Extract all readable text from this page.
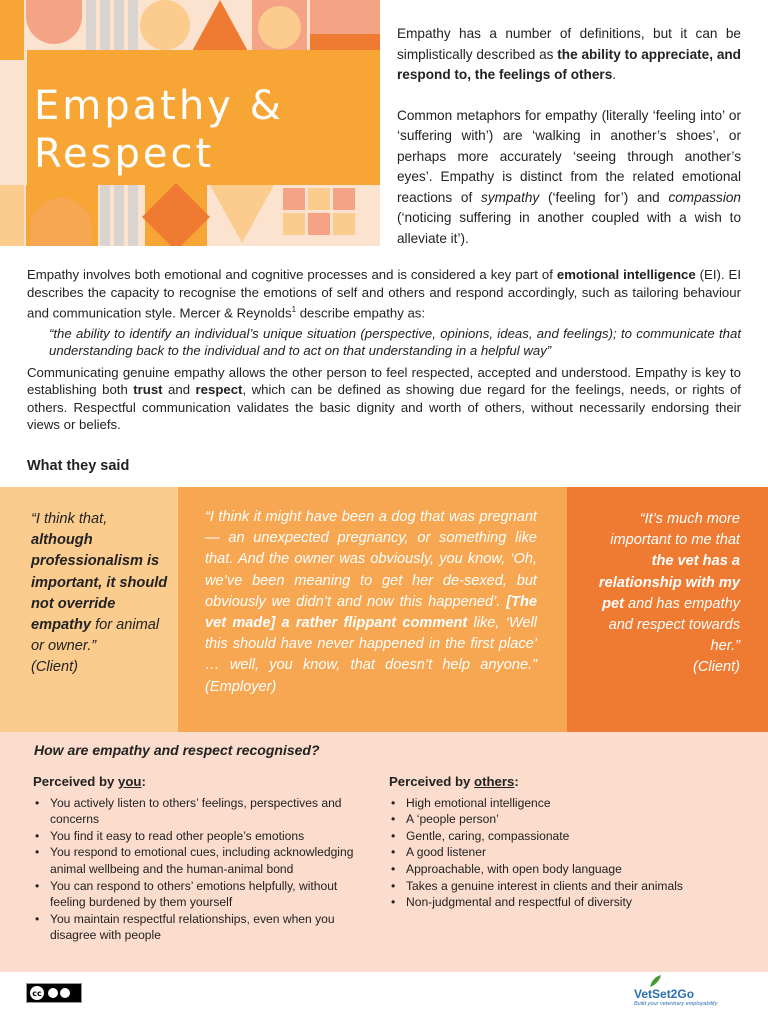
Empathy &
Respect

Empathy has a number of definitions, but it can be simplistically described as the ability to appreciate, and respond to, the feelings of others.

Common metaphors for empathy (literally ‘feeling into’ or ‘suffering with’) are ‘walking in another’s shoes’, or perhaps more accurately ‘seeing through another’s eyes’. Empathy is distinct from the related emotional reactions of sympathy (‘feeling for’) and compassion (‘noticing suffering in another coupled with a wish to alleviate it’).

Empathy involves both emotional and cognitive processes and is considered a key part of emotional intelligence (EI). EI describes the capacity to recognise the emotions of self and others and respond accordingly, such as tailoring behaviour and communication style. Mercer & Reynolds$^1$ describe empathy as:

“the ability to identify an individual’s unique situation (perspective, opinions, ideas, and feelings); to communicate that understanding back to the individual and to act on that understanding in a helpful way”

Communicating genuine empathy allows the other person to feel respected, accepted and understood. Empathy is key to establishing both trust and respect, which can be defined as showing due regard for the feelings, needs, or rights of others. Respectful communication validates the basic dignity and worth of others, without necessarily endorsing their views or beliefs.

What they said
“I think that, although professionalism is important, it should not override empathy for animal or owner.”
(Client)
“I think it might have been a dog that was pregnant — an unexpected pregnancy, or something like that. And the owner was obviously, you know, ‘Oh, we’ve been meaning to get her de-sexed, but obviously we didn’t and now this happened’. [The vet made] a rather flippant comment like, ‘Well this should have never happened in the first place’ … well, you know, that doesn’t help anyone.” (Employer)
“It’s much more important to me that the vet has a relationship with my pet and has empathy and respect towards her.”
(Client)
How are empathy and respect recognised?
Perceived by you:
• You actively listen to others’ feelings, perspectives and concerns
• You find it easy to read other people’s emotions
• You respond to emotional cues, including acknowledging animal wellbeing and the human-animal bond
• You can respond to others’ emotions helpfully, without feeling burdened by them yourself
• You maintain respectful relationships, even when you disagree with people
Perceived by others:
• High emotional intelligence
• A ‘people person’
• Gentle, caring, compassionate
• A good listener
• Approachable, with open body language
• Takes a genuine interest in clients and their animals
• Non-judgmental and respectful of diversity
cc	VetSet2Go
Build your veterinary employability
